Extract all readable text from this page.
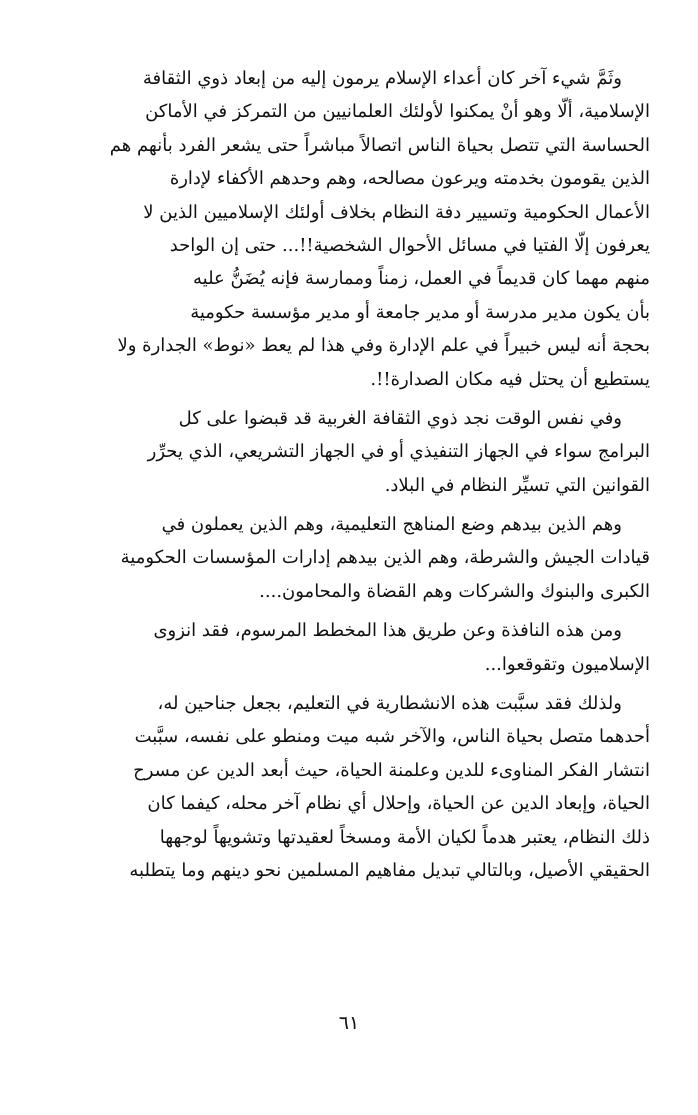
وثَمَّ شيء آخر كان أعداء الإسلام يرمون إليه من إبعاد ذوي الثقافة
الإسلامية، ألّا وهو أنْ يمكنوا لأولئك العلمانيين من التمركز في الأماكن
الحساسة التي تتصل بحياة الناس اتصالاً مباشراً حتى يشعر الفرد بأنهم هم
الذين يقومون بخدمته ويرعون مصالحه، وهم وحدهم الأكفاء لإدارة
الأعمال الحكومية وتسيير دفة النظام بخلاف أولئك الإسلاميين الذين لا
يعرفون إلّا الفتيا في مسائل الأحوال الشخصية!!... حتى إن الواحد
منهم مهما كان قديماً في العمل، زمناً وممارسة فإنه يُضَنُّ عليه
بأن يكون مدير مدرسة أو مدير جامعة أو مدير مؤسسة حكومية
بحجة أنه ليس خبيراً في علم الإدارة وفي هذا لم يعط «نوط» الجدارة ولا
يستطيع أن يحتل فيه مكان الصدارة!!.

وفي نفس الوقت نجد ذوي الثقافة الغربية قد قبضوا على كل
البرامج سواء في الجهاز التنفيذي أو في الجهاز التشريعي، الذي يحرِّر
القوانين التي تسيِّر النظام في البلاد.

وهم الذين بيدهم وضع المناهج التعليمية، وهم الذين يعملون في
قيادات الجيش والشرطة، وهم الذين بيدهم إدارات المؤسسات الحكومية
الكبرى والبنوك والشركات وهم القضاة والمحامون....

ومن هذه النافذة وعن طريق هذا المخطط المرسوم، فقد انزوى
الإسلاميون وتقوقعوا...

ولذلك فقد سبَّبت هذه الانشطارية في التعليم، بجعل جناحين له،
أحدهما متصل بحياة الناس، والآخر شبه ميت ومنطو على نفسه، سبَّبت
انتشار الفكر المناوىء للدين وعلمنة الحياة، حيث أبعد الدين عن مسرح
الحياة، وإبعاد الدين عن الحياة، وإحلال أي نظام آخر محله، كيفما كان
ذلك النظام، يعتبر هدماً لكيان الأمة ومسخاً لعقيدتها وتشويهاً لوجهها
الحقيقي الأصيل، وبالتالي تبديل مفاهيم المسلمين نحو دينهم وما يتطلبه

٦١
